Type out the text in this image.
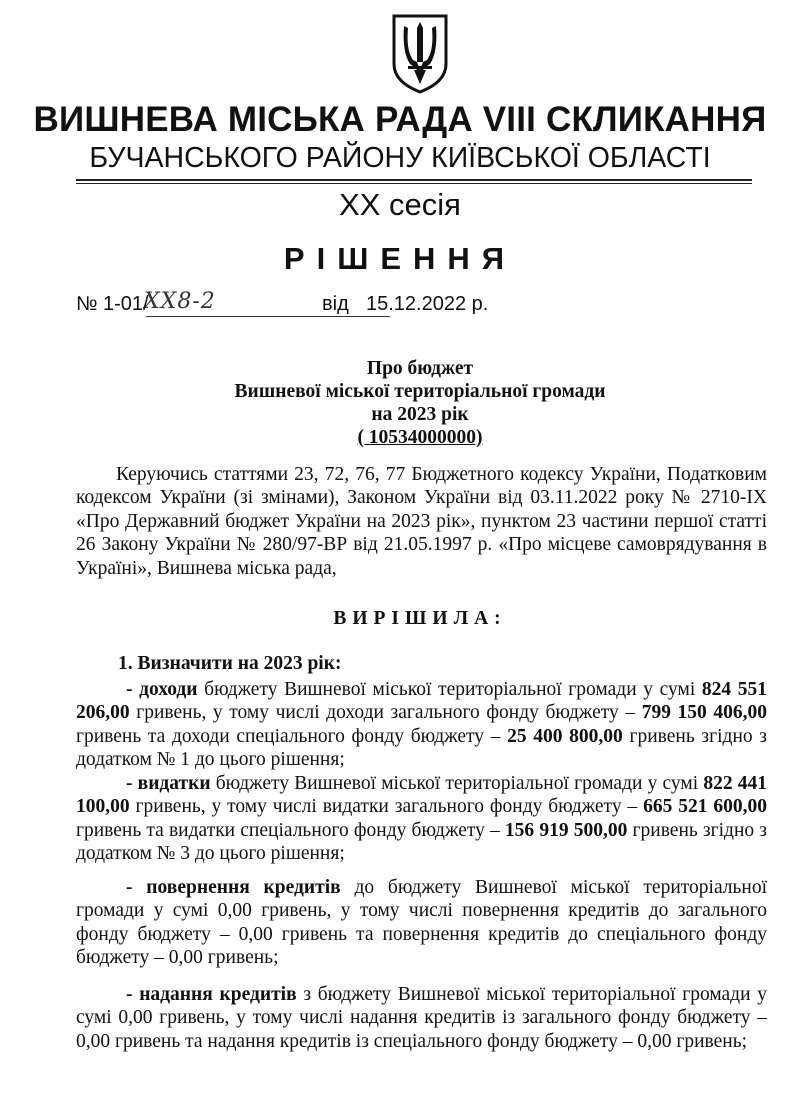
ВИШНЕВА МІСЬКА РАДА VIII СКЛИКАННЯ
БУЧАНСЬКОГО РАЙОНУ КИЇВСЬКОЇ ОБЛАСТІ
XX сесія
РІШЕННЯ
№ 1-01/
XX8-2	від 15.12.2022 р.
Про бюджет
Вишневої міської територіальної громади
на 2023 рік
( 10534000000)
Керуючись статтями 23, 72, 76, 77 Бюджетного кодексу України, Податковим кодексом України (зі змінами), Законом України від 03.11.2022 року № 2710-IX «Про Державний бюджет України на 2023 рік», пунктом 23 частини першої статті 26 Закону України № 280/97-ВР від 21.05.1997 р. «Про місцеве самоврядування в Україні», Вишнева міська рада,
ВИРІШИЛА:
1. Визначити на 2023 рік:
- доходи бюджету Вишневої міської територіальної громади у сумі 824 551 206,00 гривень, у тому числі доходи загального фонду бюджету – 799 150 406,00 гривень та доходи спеціального фонду бюджету – 25 400 800,00 гривень згідно з додатком № 1 до цього рішення;
- видатки бюджету Вишневої міської територіальної громади у сумі 822 441 100,00 гривень, у тому числі видатки загального фонду бюджету – 665 521 600,00 гривень та видатки спеціального фонду бюджету – 156 919 500,00 гривень згідно з додатком № 3 до цього рішення;
- повернення кредитів до бюджету Вишневої міської територіальної громади у сумі 0,00 гривень, у тому числі повернення кредитів до загального фонду бюджету – 0,00 гривень та повернення кредитів до спеціального фонду бюджету – 0,00 гривень;
- надання кредитів з бюджету Вишневої міської територіальної громади у сумі 0,00 гривень, у тому числі надання кредитів із загального фонду бюджету – 0,00 гривень та надання кредитів із спеціального фонду бюджету – 0,00 гривень;
